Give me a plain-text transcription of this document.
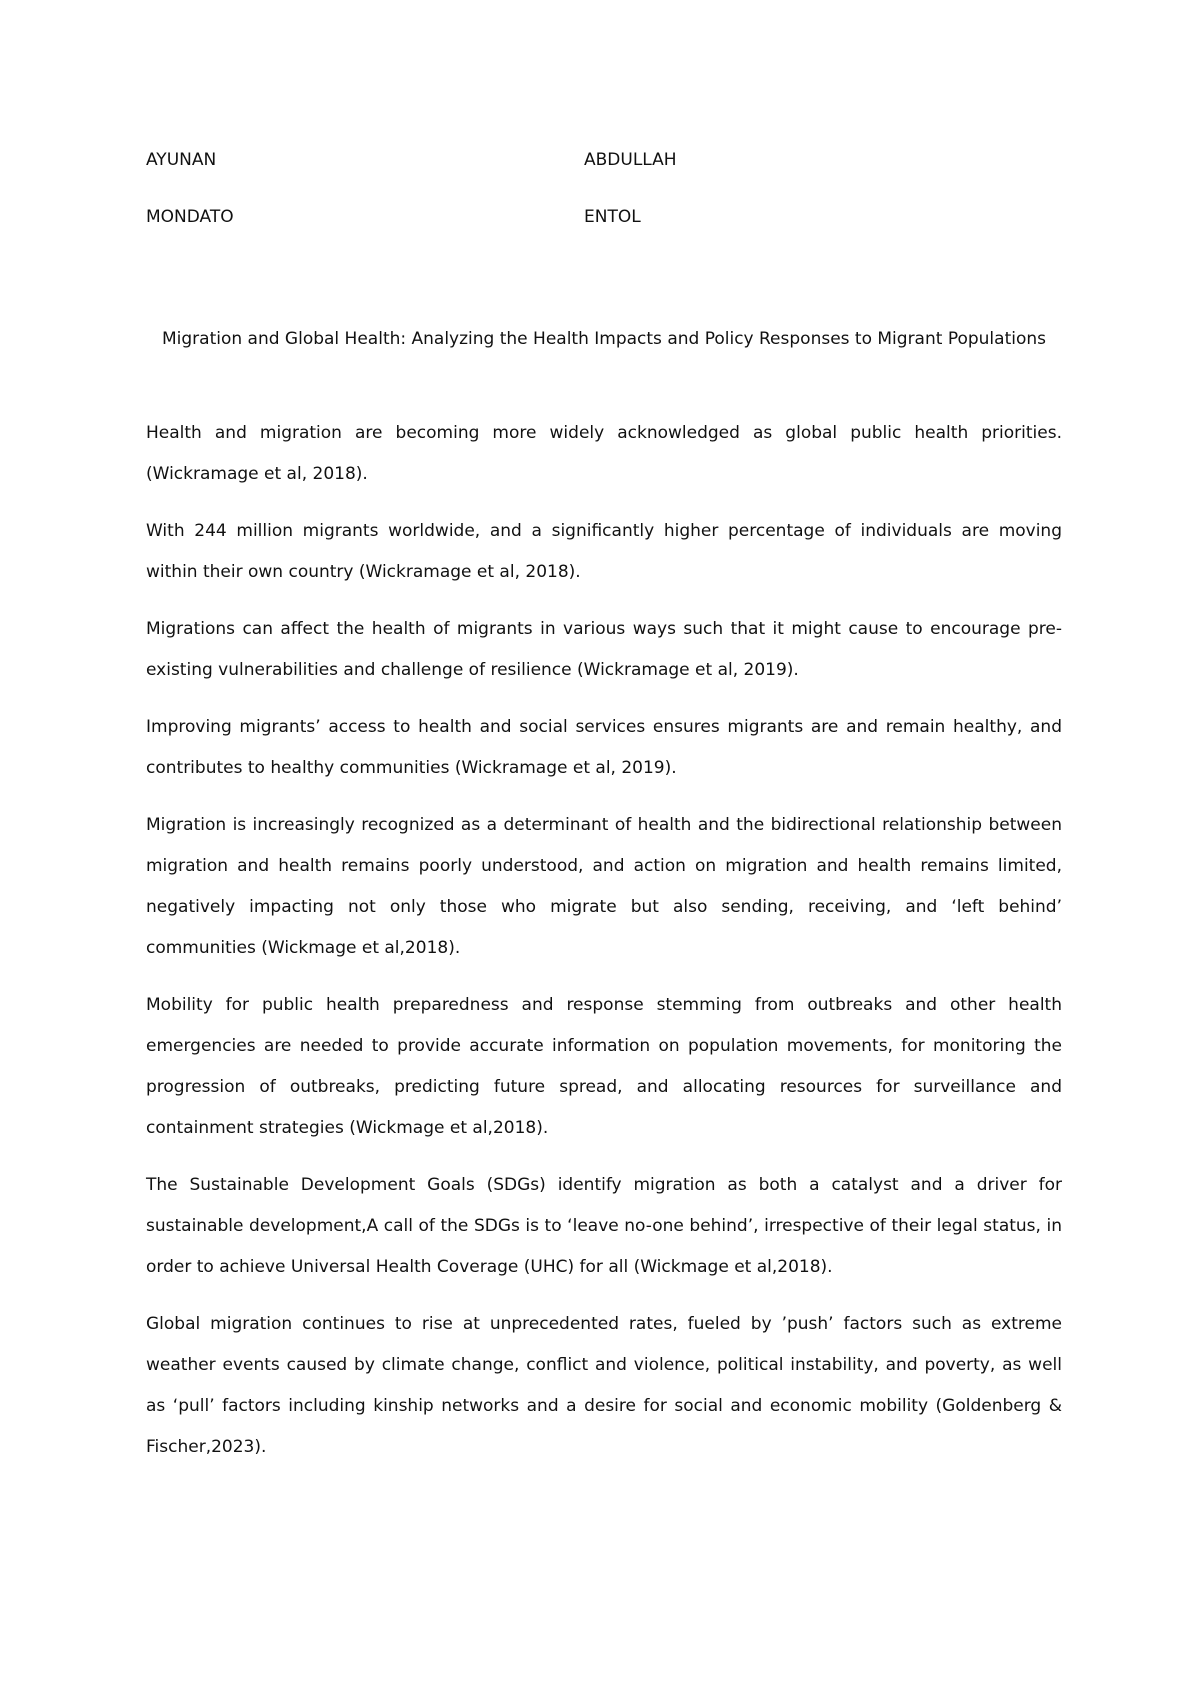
AYUNAN	ABDULLAH
MONDATO	ENTOL
Migration and Global Health: Analyzing the Health Impacts and Policy Responses to Migrant Populations

Health and migration are becoming more widely acknowledged as global public health priorities. (Wickramage et al, 2018).

With 244 million migrants worldwide, and a significantly higher percentage of individuals are moving within their own country (Wickramage et al, 2018).

Migrations can affect the health of migrants in various ways such that it might cause to encourage pre-existing vulnerabilities and challenge of resilience (Wickramage et al, 2019).

Improving migrants’ access to health and social services ensures migrants are and remain healthy, and contributes to healthy communities (Wickramage et al, 2019).

Migration is increasingly recognized as a determinant of health and the bidirectional relationship between migration and health remains poorly understood, and action on migration and health remains limited, negatively impacting not only those who migrate but also sending, receiving, and ‘left behind’ communities (Wickmage et al,2018).

Mobility for public health preparedness and response stemming from outbreaks and other health emergencies are needed to provide accurate information on population movements, for monitoring the progression of outbreaks, predicting future spread, and allocating resources for surveillance and containment strategies (Wickmage et al,2018).

The Sustainable Development Goals (SDGs) identify migration as both a catalyst and a driver for sustainable development,A call of the SDGs is to ‘leave no-one behind’, irrespective of their legal status, in order to achieve Universal Health Coverage (UHC) for all (Wickmage et al,2018).

Global migration continues to rise at unprecedented rates, fueled by ’push’ factors such as extreme weather events caused by climate change, conflict and violence, political instability, and poverty, as well as ‘pull’ factors including kinship networks and a desire for social and economic mobility (Goldenberg & Fischer,2023).
